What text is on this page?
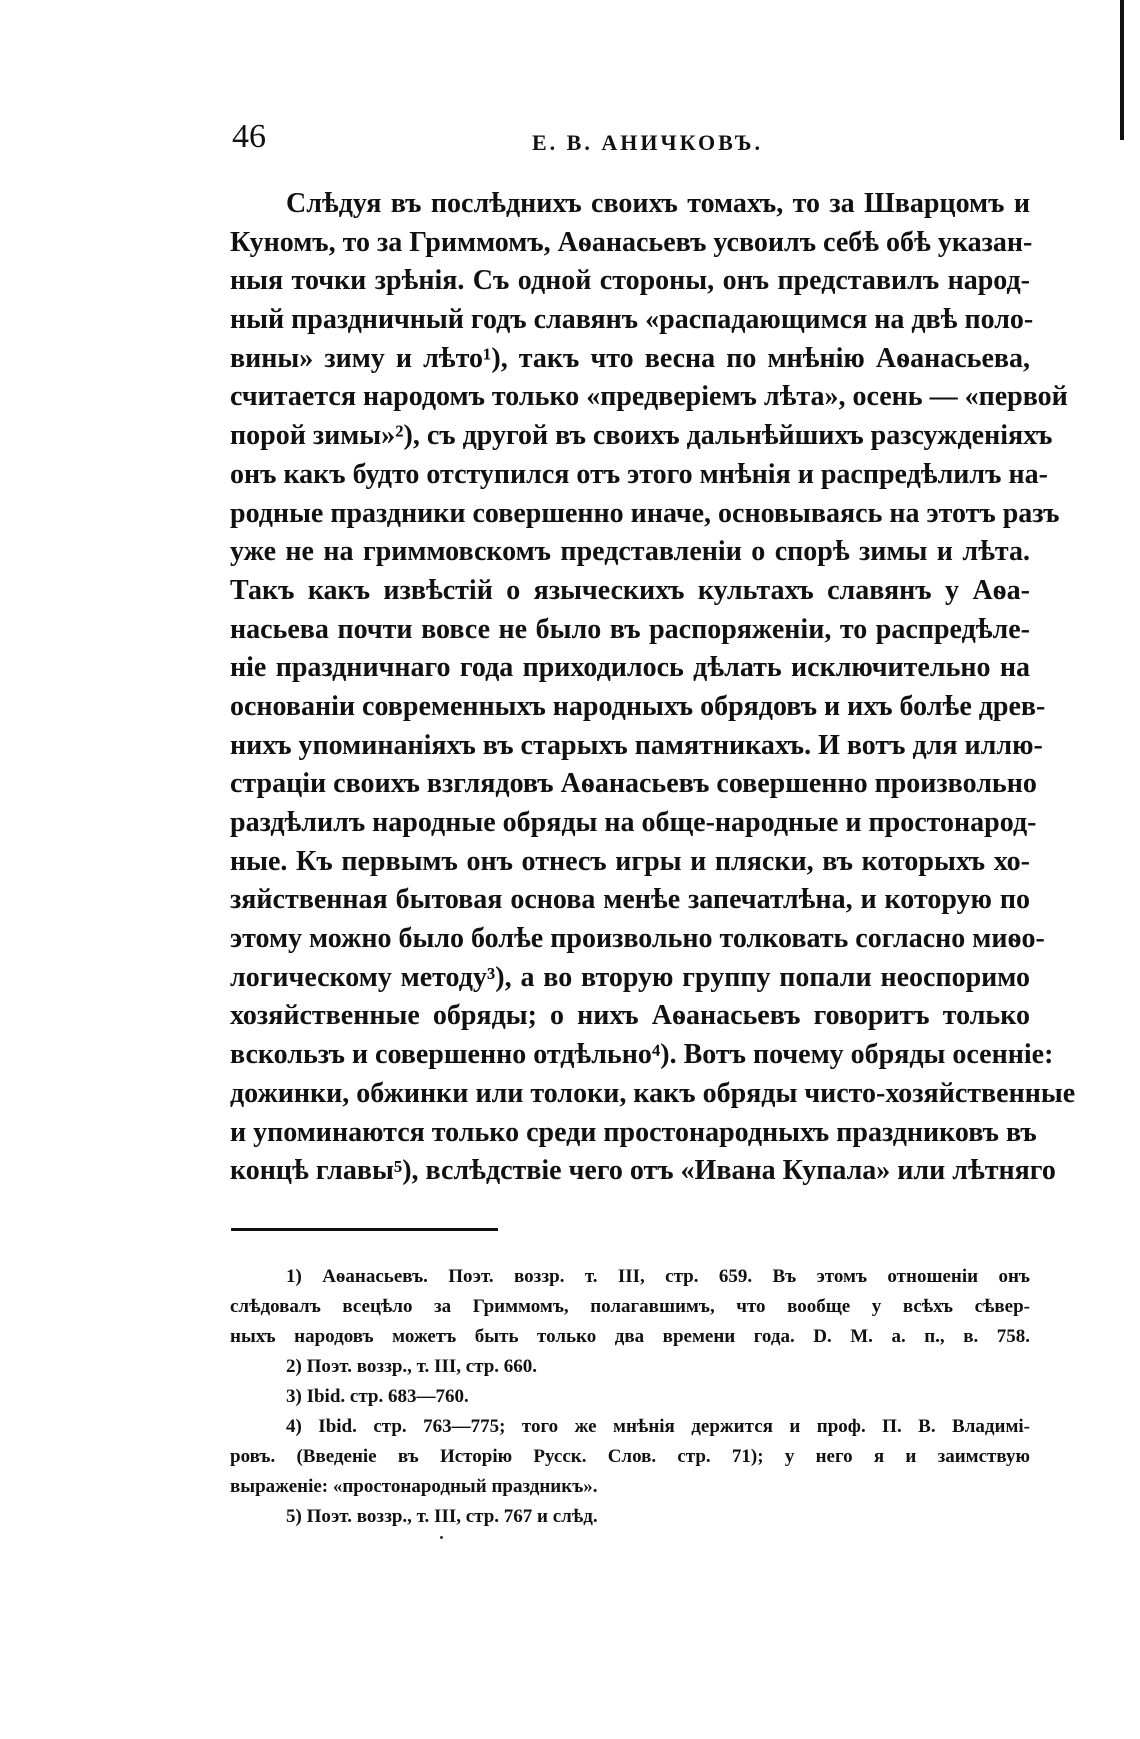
46	Е. В. АНИЧКОВЪ.
Слѣдуя въ послѣднихъ своихъ томахъ, то за Шварцомъ и
Куномъ, то за Гриммомъ, Аѳанасьевъ усвоилъ себѣ обѣ указан-
ныя точки зрѣнія. Съ одной стороны, онъ представилъ народ-
ный праздничный годъ славянъ «распадающимся на двѣ поло-
вины» зиму и лѣто¹), такъ что весна по мнѣнію Аѳанасьева,
считается народомъ только «предверіемъ лѣта», осень — «первой
порой зимы»²), съ другой въ своихъ дальнѣйшихъ разсужденіяхъ
онъ какъ будто отступился отъ этого мнѣнія и распредѣлилъ на-
родные праздники совершенно иначе, основываясь на этотъ разъ
уже не на гриммовскомъ представленіи о спорѣ зимы и лѣта.
Такъ какъ извѣстій о языческихъ культахъ славянъ у Аѳа-
насьева почти вовсе не было въ распоряженіи, то распредѣле-
ніе праздничнаго года приходилось дѣлать исключительно на
основаніи современныхъ народныхъ обрядовъ и ихъ болѣе древ-
нихъ упоминаніяхъ въ старыхъ памятникахъ. И вотъ для иллю-
страціи своихъ взглядовъ Аѳанасьевъ совершенно произвольно
раздѣлилъ народные обряды на обще-народные и простонарод-
ные. Къ первымъ онъ отнесъ игры и пляски, въ которыхъ хо-
зяйственная бытовая основа менѣе запечатлѣна, и которую по
этому можно было болѣе произвольно толковать согласно миѳо-
логическому методу³), а во вторую группу попали неоспоримо
хозяйственные обряды; о нихъ Аѳанасьевъ говоритъ только
вскользъ и совершенно отдѣльно⁴). Вотъ почему обряды осенніе:
дожинки, обжинки или толоки, какъ обряды чисто-хозяйственные
и упоминаются только среди простонародныхъ праздниковъ въ
концѣ главы⁵), вслѣдствіе чего отъ «Ивана Купала» или лѣтняго
1) Аѳанасьевъ. Поэт. воззр. т. III, стр. 659. Въ этомъ отношеніи онъ
слѣдовалъ всецѣло за Гриммомъ, полагавшимъ, что вообще у всѣхъ сѣвер-
ныхъ народовъ можетъ быть только два времени года. D. M. a. п., в. 758.
2) Поэт. воззр., т. III, стр. 660.
3) Ibid. стр. 683—760.
4) Ibid. стр. 763—775; того же мнѣнія держится и проф. П. В. Владимі-
ровъ. (Введеніе въ Исторію Русск. Слов. стр. 71); у него я и заимствую
выраженіе: «простонародный праздникъ».
5) Поэт. воззр., т. III, стр. 767 и слѣд.
